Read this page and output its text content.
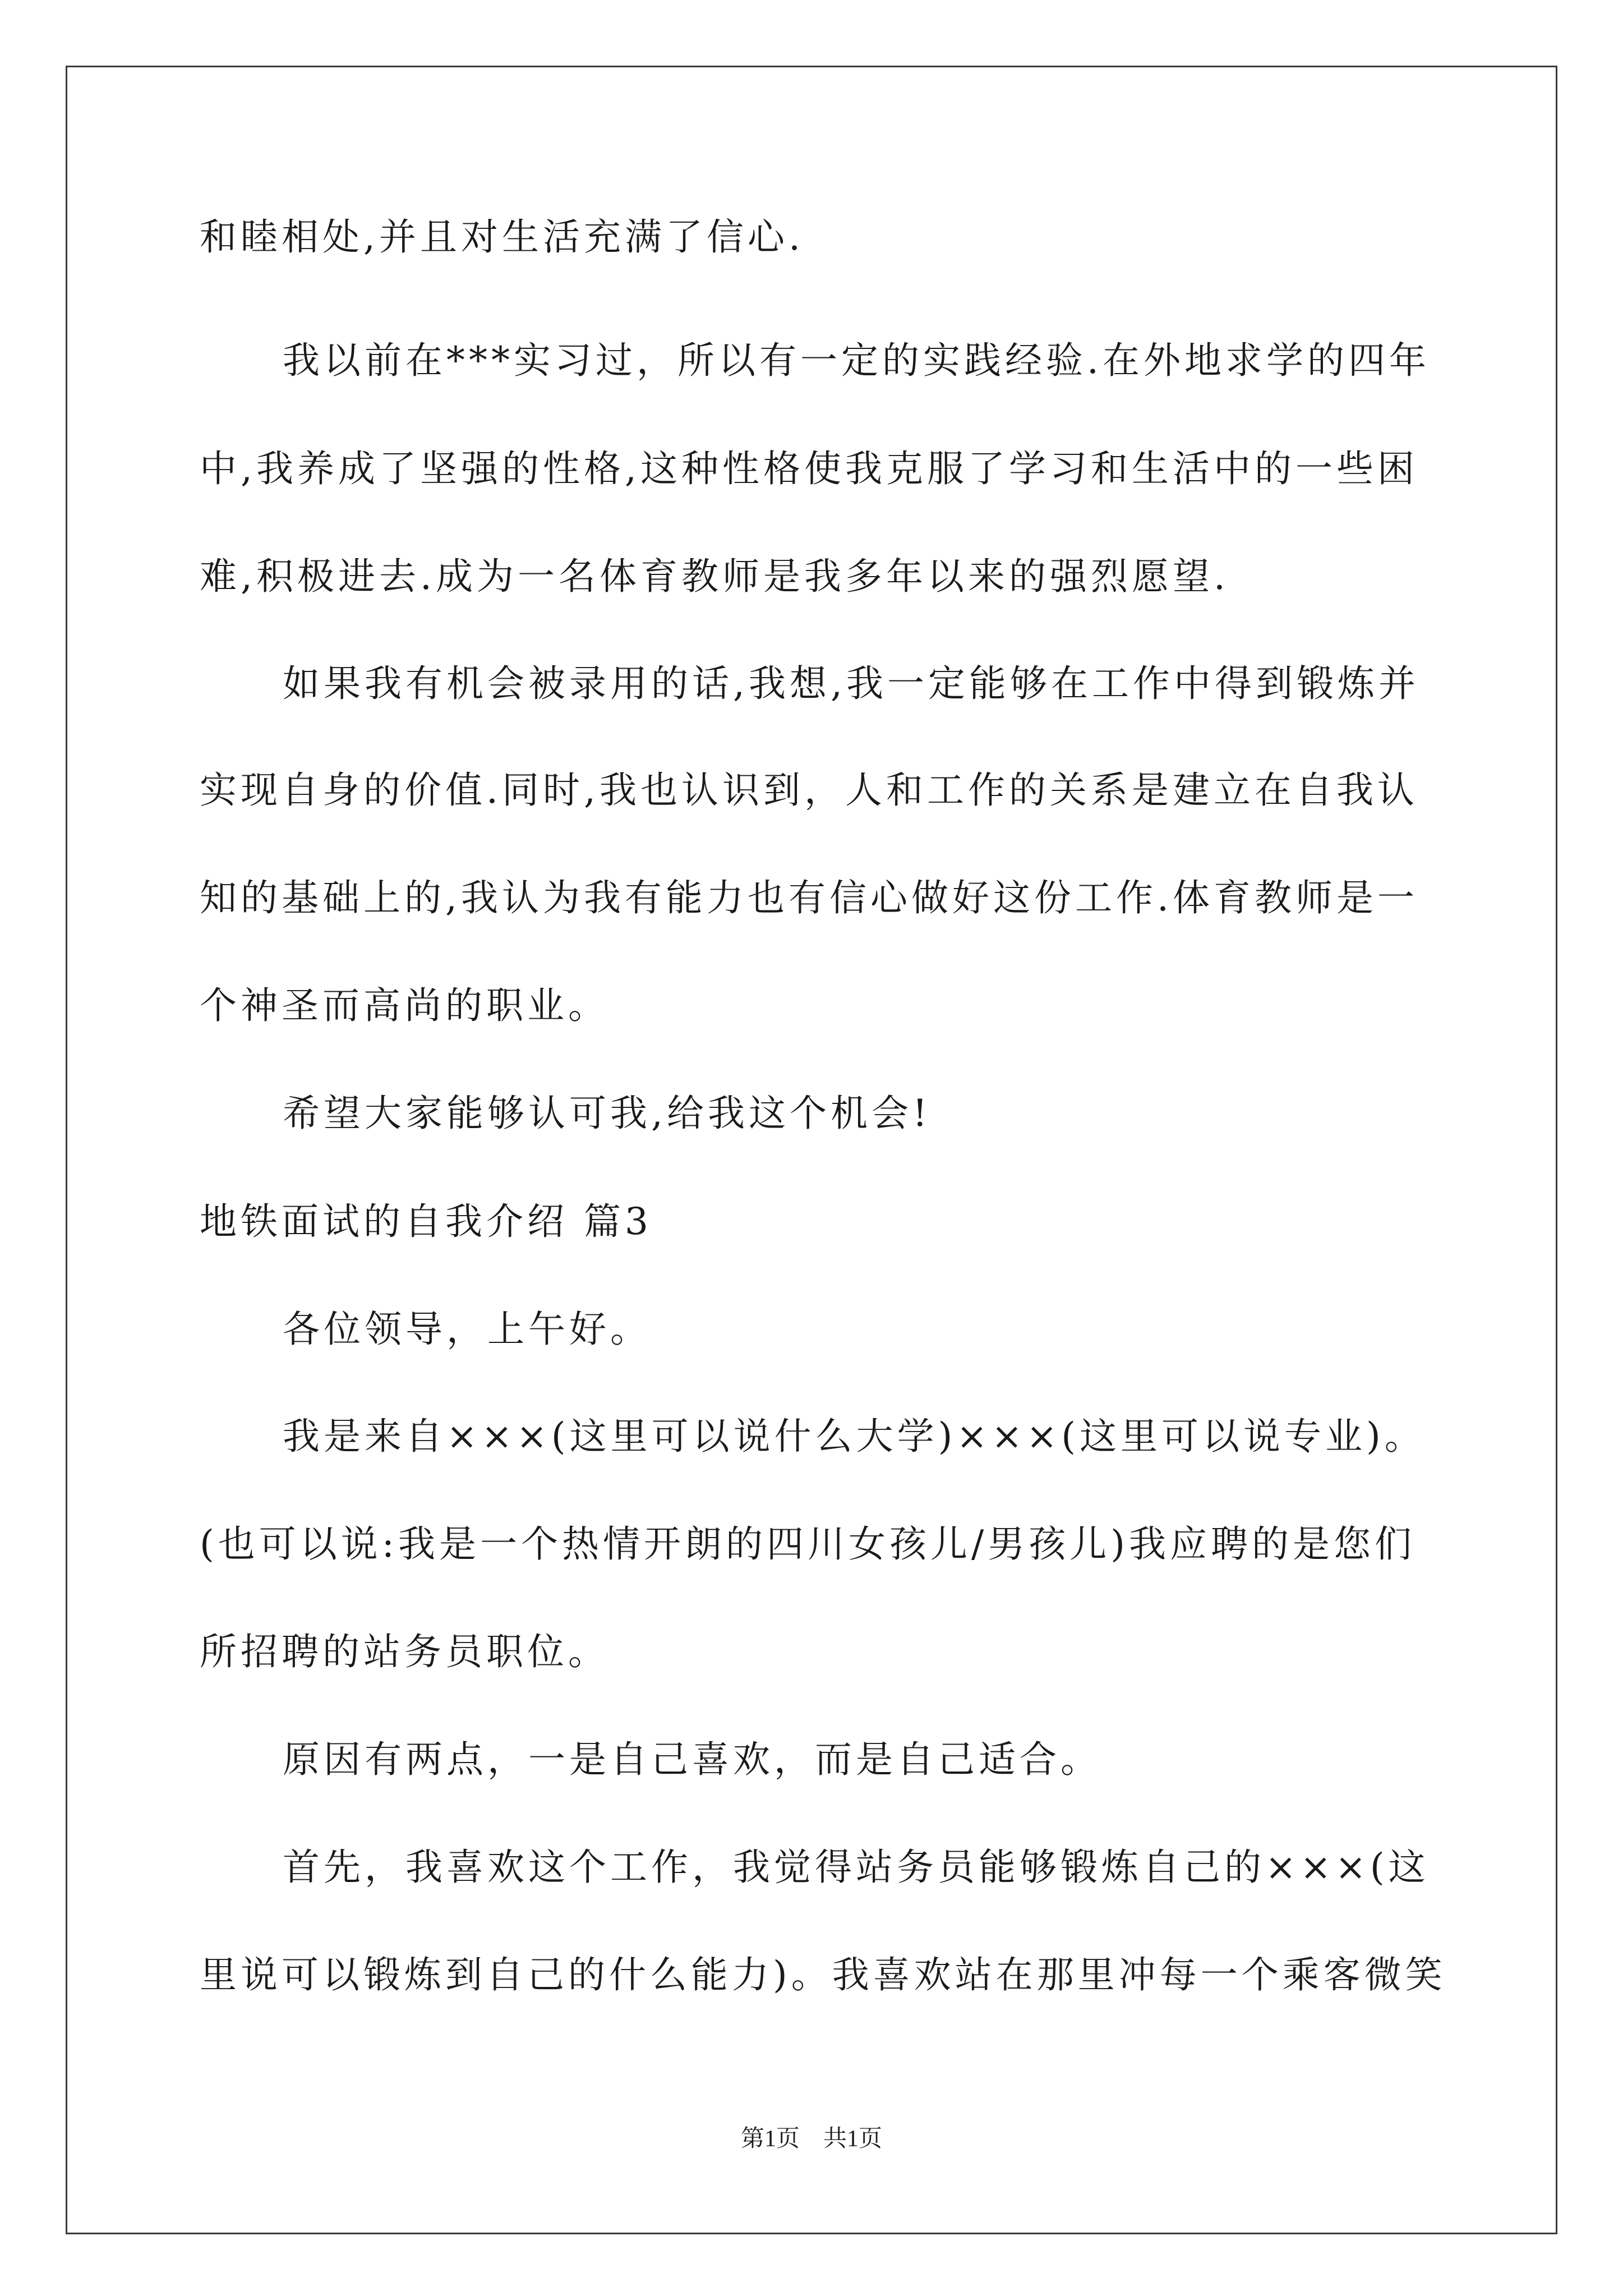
和睦相处,并且对生活充满了信心.
我以前在***实习过，所以有一定的实践经验.在外地求学的四年
中,我养成了坚强的性格,这种性格使我克服了学习和生活中的一些困
难,积极进去.成为一名体育教师是我多年以来的强烈愿望.
如果我有机会被录用的话,我想,我一定能够在工作中得到锻炼并
实现自身的价值.同时,我也认识到，人和工作的关系是建立在自我认
知的基础上的,我认为我有能力也有信心做好这份工作.体育教师是一
个神圣而高尚的职业。
希望大家能够认可我,给我这个机会!
地铁面试的自我介绍 篇3
各位领导，上午好。
我是来自×××(这里可以说什么大学)×××(这里可以说专业)。
(也可以说:我是一个热情开朗的四川女孩儿/男孩儿)我应聘的是您们
所招聘的站务员职位。
原因有两点，一是自己喜欢，而是自己适合。
首先，我喜欢这个工作，我觉得站务员能够锻炼自己的×××(这
里说可以锻炼到自己的什么能力)。我喜欢站在那里冲每一个乘客微笑
第1页 共1页
